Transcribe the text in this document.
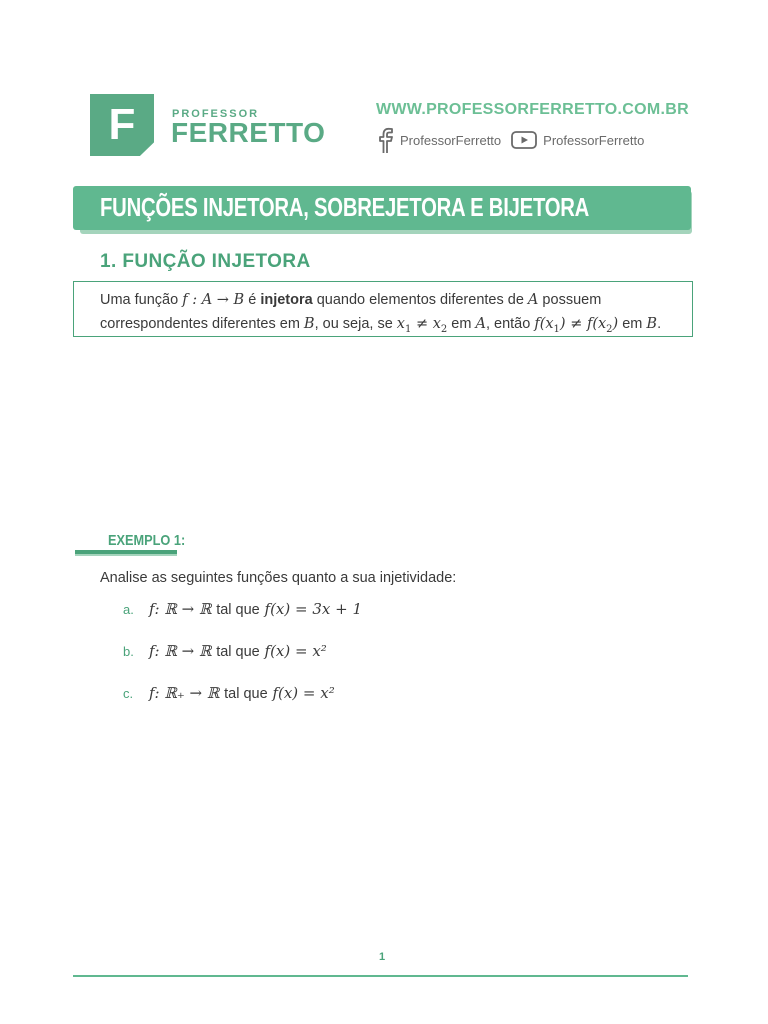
F	PROFESSOR
FERRETTO
WWW.PROFESSORFERRETTO.COM.BR
ProfessorFerretto	ProfessorFerretto
FUNÇÕES INJETORA, SOBREJETORA E BIJETORA
1. FUNÇÃO INJETORA
Uma função f : A → B é injetora quando elementos diferentes de A possuem correspondentes diferentes em B, ou seja, se $x_1 \ne x_2$ em A, então $f(x_1) \ne f(x_2)$ em B.
EXEMPLO 1:
Analise as seguintes funções quanto a sua injetividade:
a. f: ℝ → ℝ tal que f(x) = 3x + 1
b. f: ℝ → ℝ tal que f(x) = x²
c. f: ℝ₊ → ℝ tal que f(x) = x²
1
